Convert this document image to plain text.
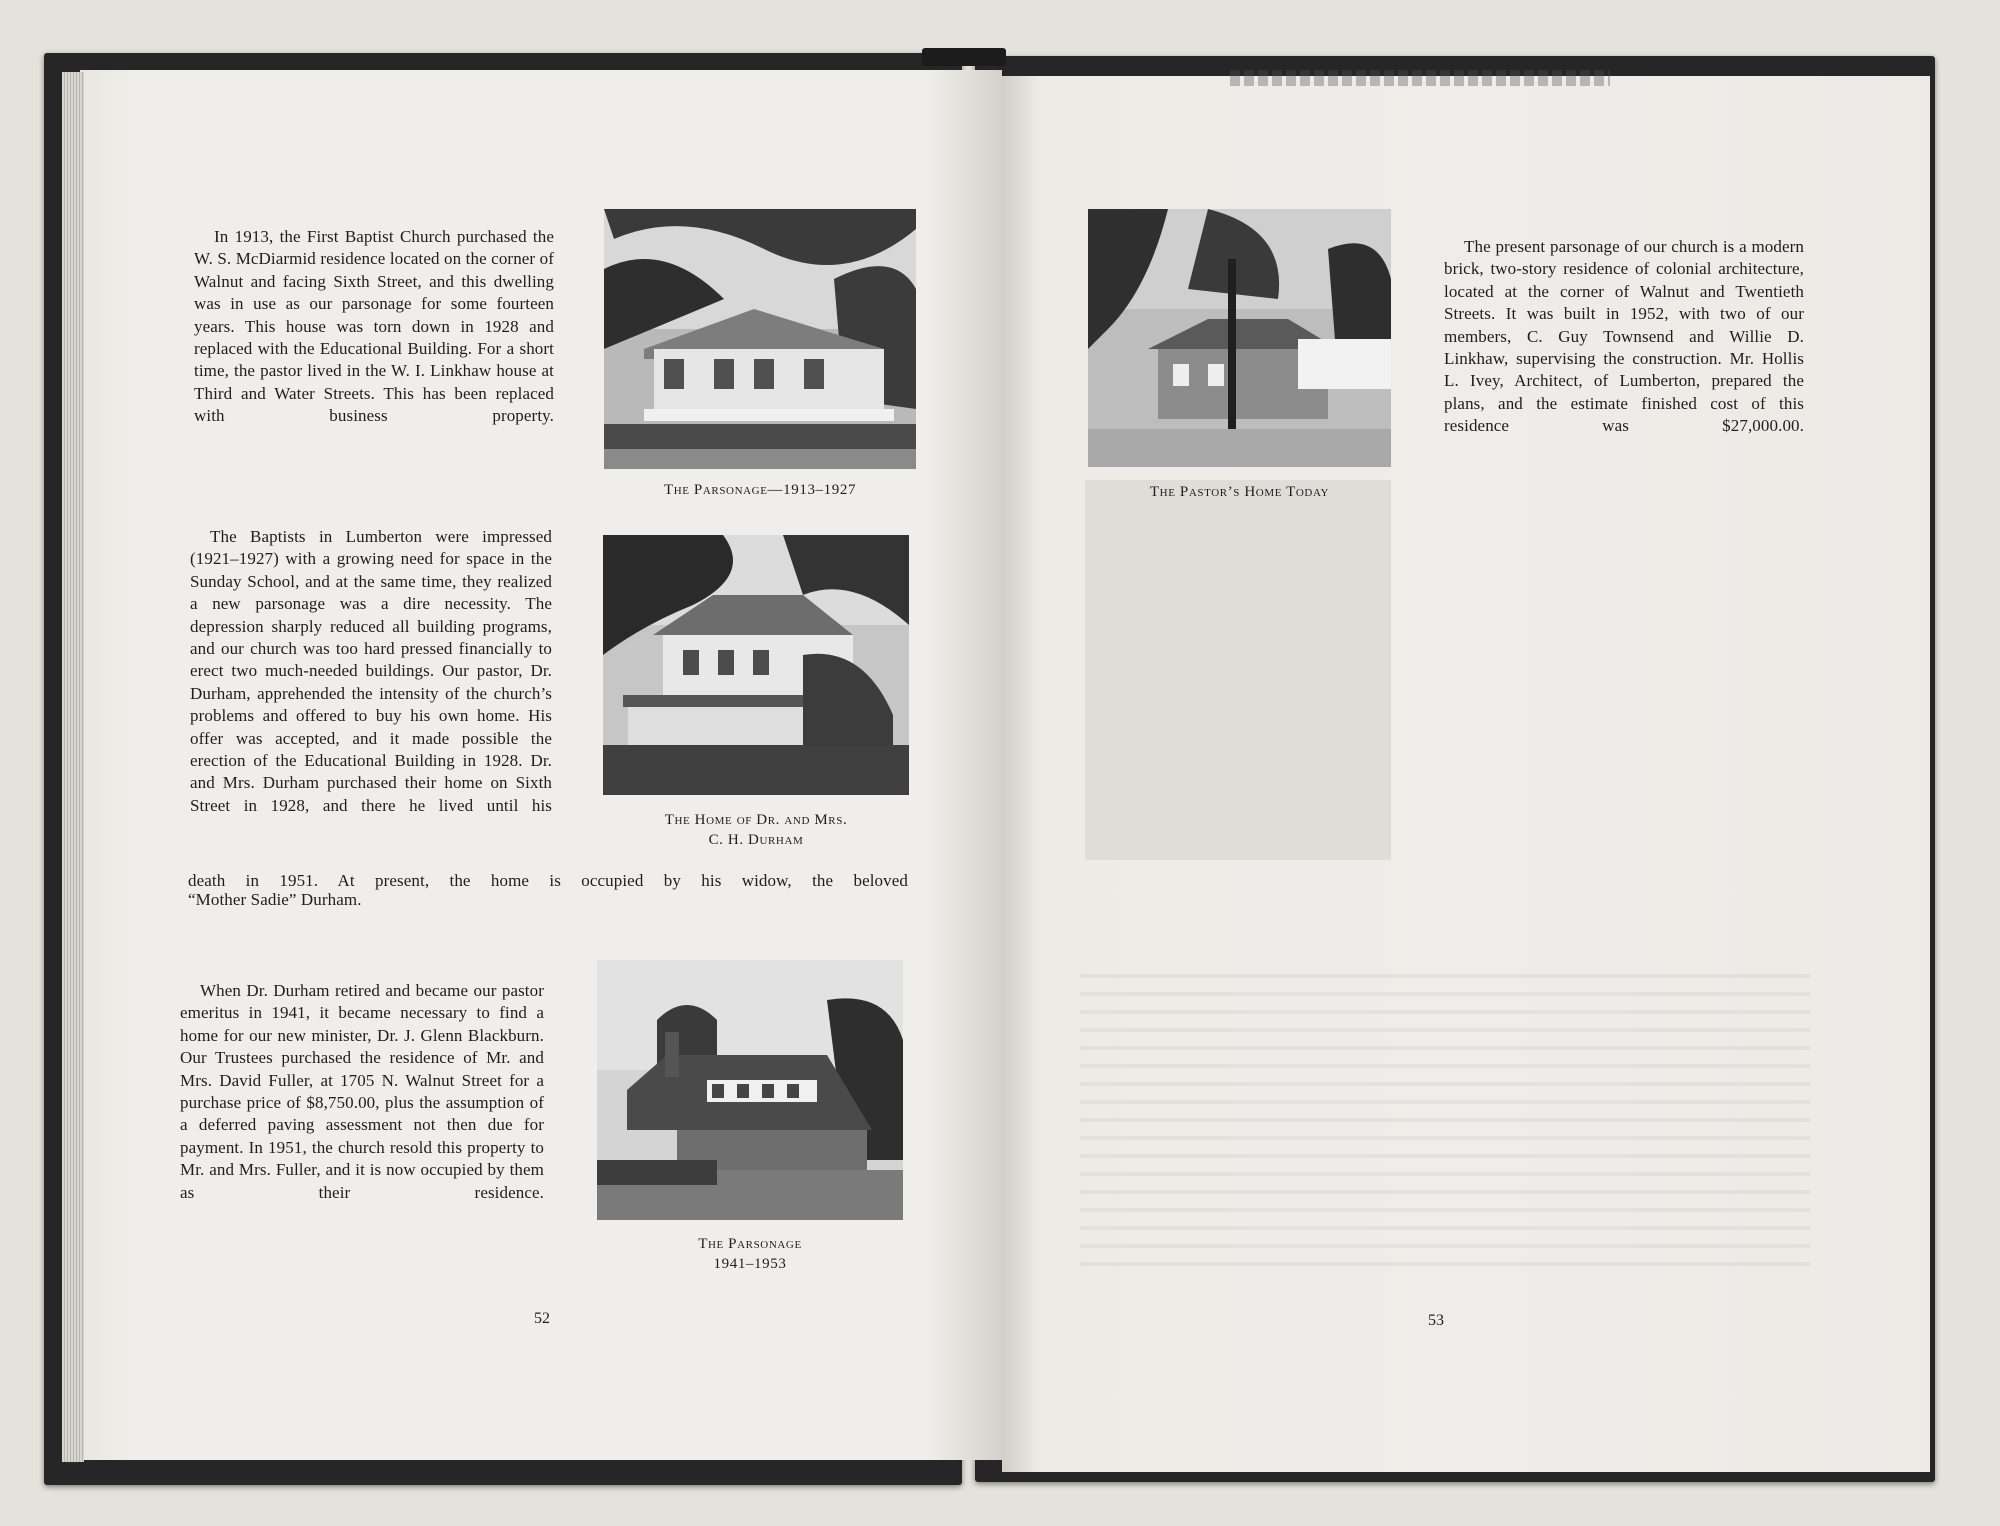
In 1913, the First Baptist Church purchased the W. S. McDiarmid residence located on the corner of Walnut and facing Sixth Street, and this dwelling was in use as our parsonage for some fourteen years. This house was torn down in 1928 and replaced with the Educational Building. For a short time, the pastor lived in the W. I. Linkhaw house at Third and Water Streets. This has been replaced with business property.

The Parsonage—1913–1927

The Baptists in Lumberton were impressed (1921–1927) with a growing need for space in the Sunday School, and at the same time, they realized a new parsonage was a dire necessity. The depression sharply reduced all building programs, and our church was too hard pressed financially to erect two much-needed buildings. Our pastor, Dr. Durham, apprehended the intensity of the church’s problems and offered to buy his own home. His offer was accepted, and it made possible the erection of the Educational Building in 1928. Dr. and Mrs. Durham purchased their home on Sixth Street in 1928, and there he lived until his

The Home of Dr. and Mrs.
C. H. Durham

death in 1951. At present, the home is occupied by his widow, the beloved

“Mother Sadie” Durham.

When Dr. Durham retired and became our pastor emeritus in 1941, it became necessary to find a home for our new minister, Dr. J. Glenn Blackburn. Our Trustees purchased the residence of Mr. and Mrs. David Fuller, at 1705 N. Walnut Street for a purchase price of $8,750.00, plus the assumption of a deferred paving assessment not then due for payment. In 1951, the church resold this property to Mr. and Mrs. Fuller, and it is now occupied by them as their residence.

The Parsonage
1941–1953
52
The Pastor’s Home Today

The present parsonage of our church is a modern brick, two-story residence of colonial architecture, located at the corner of Walnut and Twentieth Streets. It was built in 1952, with two of our members, C. Guy Townsend and Willie D. Linkhaw, supervising the construction. Mr. Hollis L. Ivey, Architect, of Lumberton, prepared the plans, and the estimate finished cost of this residence was $27,000.00.

53
